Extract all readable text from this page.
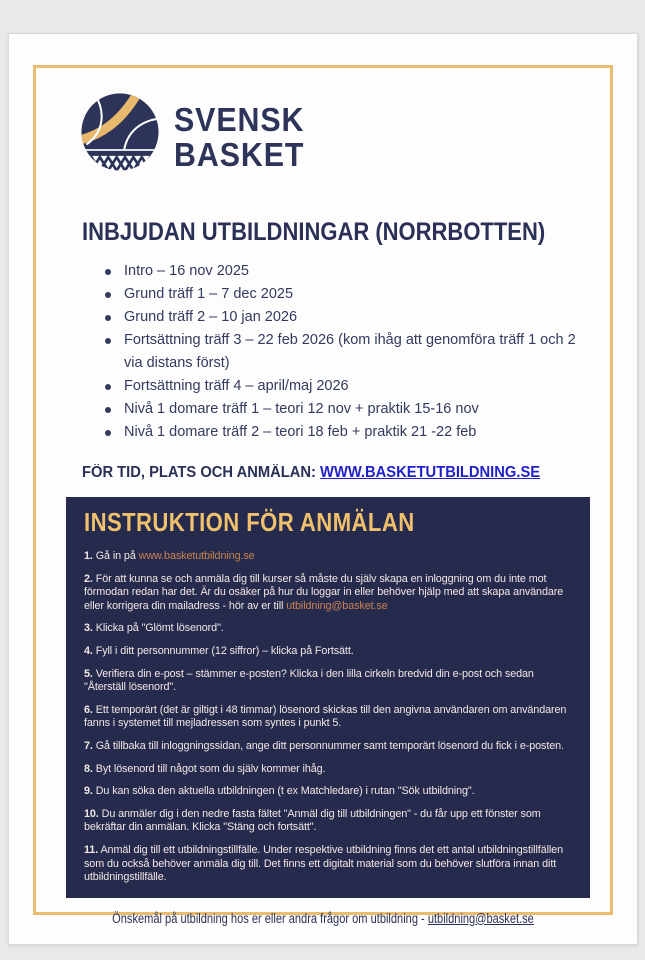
SVENSK
BASKET
INBJUDAN UTBILDNINGAR (NORRBOTTEN)
Intro – 16 nov 2025
Grund träff 1 – 7 dec 2025
Grund träff 2 – 10 jan 2026
Fortsättning träff 3 – 22 feb 2026 (kom ihåg att genomföra träff 1 och 2 via distans först)
Fortsättning träff 4 – april/maj 2026
Nivå 1 domare träff 1 – teori 12 nov + praktik 15-16 nov
Nivå 1 domare träff 2 – teori 18 feb + praktik 21 -22 feb
FÖR TID, PLATS OCH ANMÄLAN: WWW.BASKETUTBILDNING.SE
INSTRUKTION FÖR ANMÄLAN

1. Gå in på www.basketutbildning.se

2. För att kunna se och anmäla dig till kurser så måste du själv skapa en inloggning om du inte mot förmodan redan har det. Är du osäker på hur du loggar in eller behöver hjälp med att skapa användare eller korrigera din mailadress - hör av er till utbildning@basket.se

3. Klicka på "Glömt lösenord".

4. Fyll i ditt personnummer (12 siffror) – klicka på Fortsätt.

5. Verifiera din e-post – stämmer e-posten? Klicka i den lilla cirkeln bredvid din e-post och sedan "Återställ lösenord".

6. Ett temporärt (det är giltigt i 48 timmar) lösenord skickas till den angivna användaren om användaren fanns i systemet till mejladressen som syntes i punkt 5.

7. Gå tillbaka till inloggningssidan, ange ditt personnummer samt temporärt lösenord du fick i e-posten.

8. Byt lösenord till något som du själv kommer ihåg.

9. Du kan söka den aktuella utbildningen (t ex Matchledare) i rutan "Sök utbildning".

10. Du anmäler dig i den nedre fasta fältet "Anmäl dig till utbildningen" - du får upp ett fönster som bekräftar din anmälan. Klicka "Stäng och fortsätt".

11. Anmäl dig till ett utbildningstillfälle. Under respektive utbildning finns det ett antal utbildningstillfällen som du också behöver anmäla dig till. Det finns ett digitalt material som du behöver slutföra innan ditt utbildningstillfälle.

Önskemål på utbildning hos er eller andra frågor om utbildning - utbildning@basket.se
